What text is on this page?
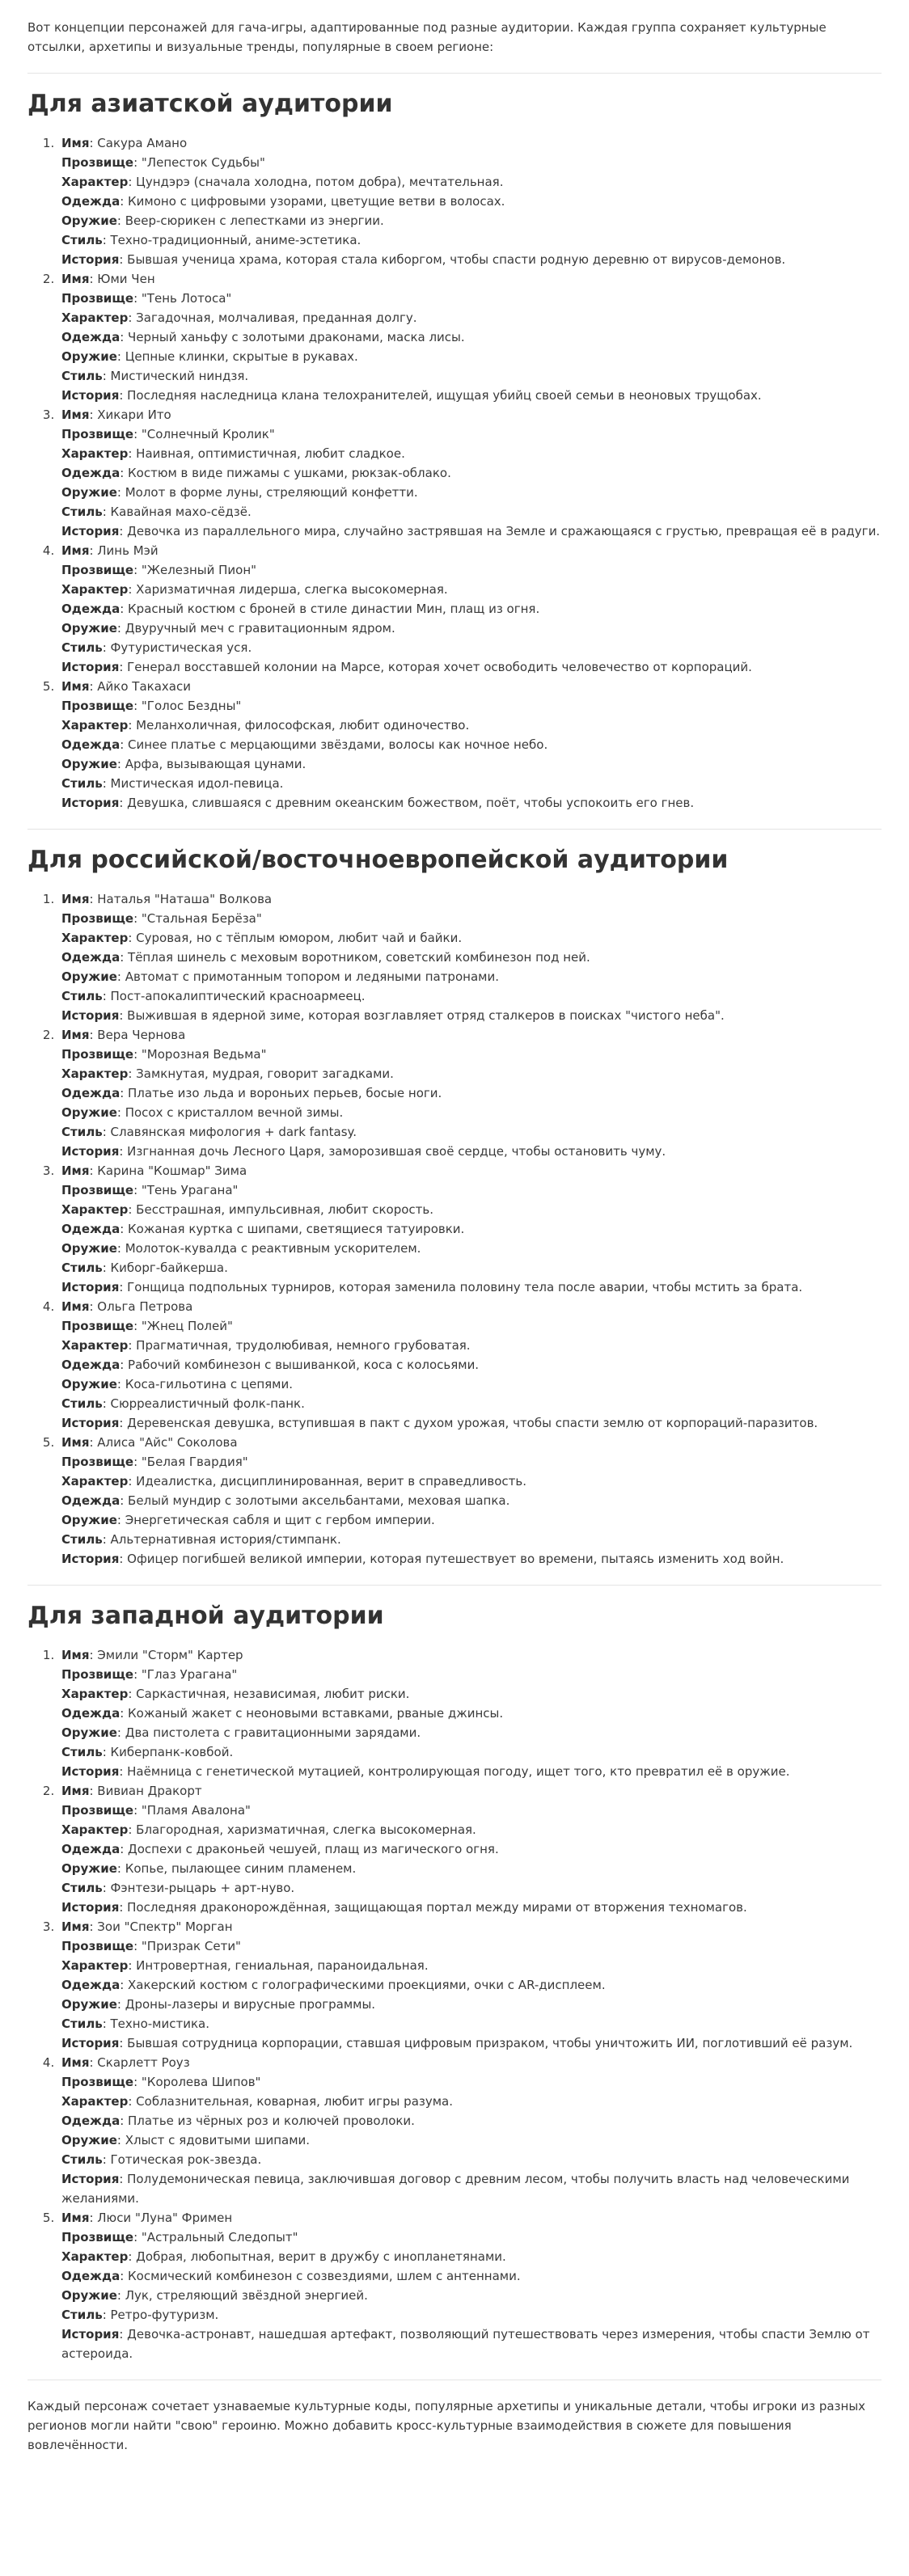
Вот концепции персонажей для гача-игры, адаптированные под разные аудитории. Каждая группа сохраняет культурные отсылки, архетипы и визуальные тренды, популярные в своем регионе:

Для азиатской аудитории
1. Имя: Сакура Амано
Прозвище: "Лепесток Судьбы"
Характер: Цундэрэ (сначала холодна, потом добра), мечтательная.
Одежда: Кимоно с цифровыми узорами, цветущие ветви в волосах.
Оружие: Веер-сюрикен с лепестками из энергии.
Стиль: Техно-традиционный, аниме-эстетика.
История: Бывшая ученица храма, которая стала киборгом, чтобы спасти родную деревню от вирусов-демонов.
2. Имя: Юми Чен
Прозвище: "Тень Лотоса"
Характер: Загадочная, молчаливая, преданная долгу.
Одежда: Черный ханьфу с золотыми драконами, маска лисы.
Оружие: Цепные клинки, скрытые в рукавах.
Стиль: Мистический ниндзя.
История: Последняя наследница клана телохранителей, ищущая убийц своей семьи в неоновых трущобах.
3. Имя: Хикари Ито
Прозвище: "Солнечный Кролик"
Характер: Наивная, оптимистичная, любит сладкое.
Одежда: Костюм в виде пижамы с ушками, рюкзак-облако.
Оружие: Молот в форме луны, стреляющий конфетти.
Стиль: Кавайная махо-сёдзё.
История: Девочка из параллельного мира, случайно застрявшая на Земле и сражающаяся с грустью, превращая её в радуги.
4. Имя: Линь Мэй
Прозвище: "Железный Пион"
Характер: Харизматичная лидерша, слегка высокомерная.
Одежда: Красный костюм с броней в стиле династии Мин, плащ из огня.
Оружие: Двуручный меч с гравитационным ядром.
Стиль: Футуристическая уся.
История: Генерал восставшей колонии на Марсе, которая хочет освободить человечество от корпораций.
5. Имя: Айко Такахаси
Прозвище: "Голос Бездны"
Характер: Меланхоличная, философская, любит одиночество.
Одежда: Синее платье с мерцающими звёздами, волосы как ночное небо.
Оружие: Арфа, вызывающая цунами.
Стиль: Мистическая идол-певица.
История: Девушка, слившаяся с древним океанским божеством, поёт, чтобы успокоить его гнев.
Для российской/восточноевропейской аудитории
1. Имя: Наталья "Наташа" Волкова
Прозвище: "Стальная Берёза"
Характер: Суровая, но с тёплым юмором, любит чай и байки.
Одежда: Тёплая шинель с меховым воротником, советский комбинезон под ней.
Оружие: Автомат с примотанным топором и ледяными патронами.
Стиль: Пост-апокалиптический красноармеец.
История: Выжившая в ядерной зиме, которая возглавляет отряд сталкеров в поисках "чистого неба".
2. Имя: Вера Чернова
Прозвище: "Морозная Ведьма"
Характер: Замкнутая, мудрая, говорит загадками.
Одежда: Платье изо льда и вороньих перьев, босые ноги.
Оружие: Посох с кристаллом вечной зимы.
Стиль: Славянская мифология + dark fantasy.
История: Изгнанная дочь Лесного Царя, заморозившая своё сердце, чтобы остановить чуму.
3. Имя: Карина "Кошмар" Зима
Прозвище: "Тень Урагана"
Характер: Бесстрашная, импульсивная, любит скорость.
Одежда: Кожаная куртка с шипами, светящиеся татуировки.
Оружие: Молоток-кувалда с реактивным ускорителем.
Стиль: Киборг-байкерша.
История: Гонщица подпольных турниров, которая заменила половину тела после аварии, чтобы мстить за брата.
4. Имя: Ольга Петрова
Прозвище: "Жнец Полей"
Характер: Прагматичная, трудолюбивая, немного грубоватая.
Одежда: Рабочий комбинезон с вышиванкой, коса с колосьями.
Оружие: Коса-гильотина с цепями.
Стиль: Сюрреалистичный фолк-панк.
История: Деревенская девушка, вступившая в пакт с духом урожая, чтобы спасти землю от корпораций-паразитов.
5. Имя: Алиса "Айс" Соколова
Прозвище: "Белая Гвардия"
Характер: Идеалистка, дисциплинированная, верит в справедливость.
Одежда: Белый мундир с золотыми аксельбантами, меховая шапка.
Оружие: Энергетическая сабля и щит с гербом империи.
Стиль: Альтернативная история/стимпанк.
История: Офицер погибшей великой империи, которая путешествует во времени, пытаясь изменить ход войн.
Для западной аудитории
1. Имя: Эмили "Сторм" Картер
Прозвище: "Глаз Урагана"
Характер: Саркастичная, независимая, любит риски.
Одежда: Кожаный жакет с неоновыми вставками, рваные джинсы.
Оружие: Два пистолета с гравитационными зарядами.
Стиль: Киберпанк-ковбой.
История: Наёмница с генетической мутацией, контролирующая погоду, ищет того, кто превратил её в оружие.
2. Имя: Вивиан Дракорт
Прозвище: "Пламя Авалона"
Характер: Благородная, харизматичная, слегка высокомерная.
Одежда: Доспехи с драконьей чешуей, плащ из магического огня.
Оружие: Копье, пылающее синим пламенем.
Стиль: Фэнтези-рыцарь + арт-нуво.
История: Последняя драконорождённая, защищающая портал между мирами от вторжения техномагов.
3. Имя: Зои "Спектр" Морган
Прозвище: "Призрак Сети"
Характер: Интровертная, гениальная, параноидальная.
Одежда: Хакерский костюм с голографическими проекциями, очки с AR-дисплеем.
Оружие: Дроны-лазеры и вирусные программы.
Стиль: Техно-мистика.
История: Бывшая сотрудница корпорации, ставшая цифровым призраком, чтобы уничтожить ИИ, поглотивший её разум.
4. Имя: Скарлетт Роуз
Прозвище: "Королева Шипов"
Характер: Соблазнительная, коварная, любит игры разума.
Одежда: Платье из чёрных роз и колючей проволоки.
Оружие: Хлыст с ядовитыми шипами.
Стиль: Готическая рок-звезда.
История: Полудемоническая певица, заключившая договор с древним лесом, чтобы получить власть над человеческими желаниями.
5. Имя: Люси "Луна" Фримен
Прозвище: "Астральный Следопыт"
Характер: Добрая, любопытная, верит в дружбу с инопланетянами.
Одежда: Космический комбинезон с созвездиями, шлем с антеннами.
Оружие: Лук, стреляющий звёздной энергией.
Стиль: Ретро-футуризм.
История: Девочка-астронавт, нашедшая артефакт, позволяющий путешествовать через измерения, чтобы спасти Землю от астероида.

Каждый персонаж сочетает узнаваемые культурные коды, популярные архетипы и уникальные детали, чтобы игроки из разных регионов могли найти "свою" героиню. Можно добавить кросс-культурные взаимодействия в сюжете для повышения вовлечённости.
